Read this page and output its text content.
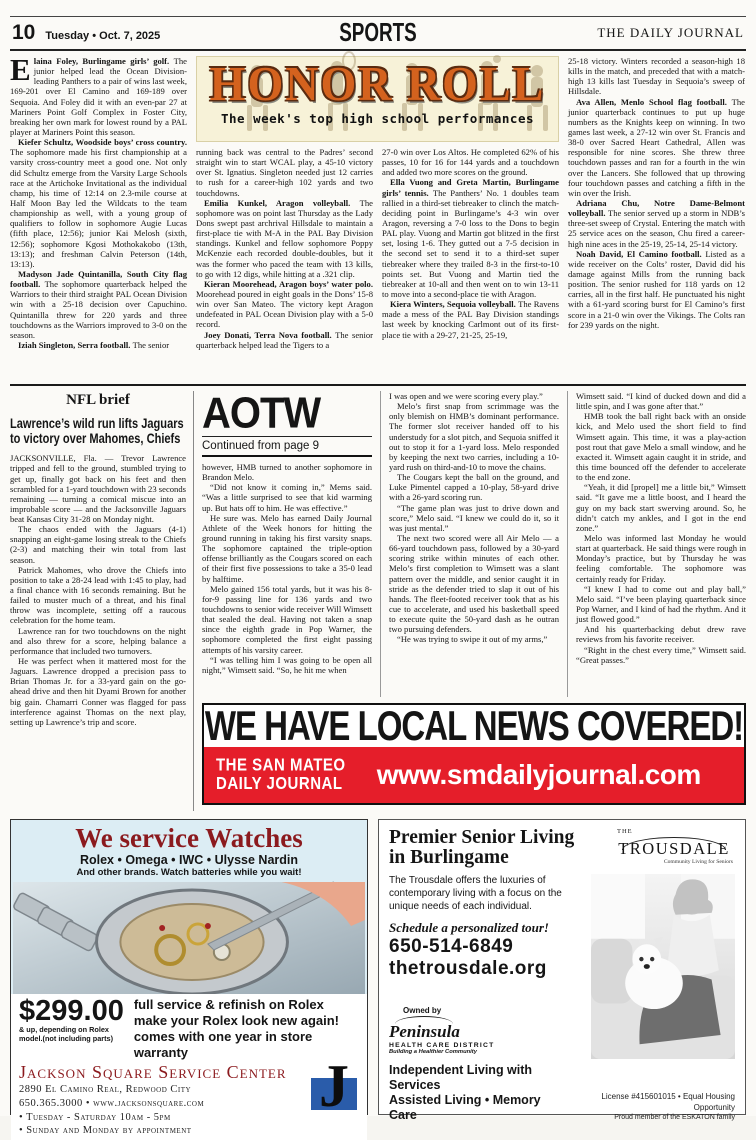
10 Tuesday • Oct. 7, 2025	SPORTS	THE DAILY JOURNAL

Elaina Foley, Burlingame girls’ golf. The junior helped lead the Ocean Division-leading Panthers to a pair of wins last week, 169-201 over El Camino and 169-189 over Sequoia. And Foley did it with an even-par 27 at Mariners Point Golf Complex in Foster City, breaking her own mark for lowest round by a PAL player at Mariners Point this season.

Kiefer Schultz, Woodside boys’ cross country.The sophomore made his first championship at a varsity cross-country meet a good one. Not only did Schultz emerge from the Varsity Large Schools race at the Artichoke Invitational as the individual champ, his time of 12:14 on 2.3-mile course at Half Moon Bay led the Wildcats to the team championship as well, with a young group of qualifiers to follow in sophomore Augie Lucas (fifth place, 12:56); junior Kai Melosh (sixth, 12:56); sophomore Kgosi Mothokakobo (13th, 13:13); and freshman Calvin Peterson (14th, 13:13).

Madyson Jade Quintanilla, South City flag football. The sophomore quarterback helped the Warriors to their third straight PAL Ocean Division win with a 25-18 decision over Capuchino. Quintanilla threw for 220 yards and three touchdowns as the Warriors improved to 3-0 on the season.

Iziah Singleton, Serra football. The senior

HONOR ROLL
The week's top high school performances

running back was central to the Padres’ second straight win to start WCAL play, a 45-10 victory over St. Ignatius. Singleton needed just 12 carries to rush for a career-high 102 yards and two touchdowns.

Emilia Kunkel, Aragon volleyball. The sophomore was on point last Thursday as the Lady Dons swept past archrival Hillsdale to maintain a first-place tie with M-A in the PAL Bay Division standings. Kunkel and fellow sophomore Poppy McKenzie each recorded double-doubles, but it was the former who paced the team with 13 kills, to go with 12 digs, while hitting at a .321 clip.

Kieran Moorehead, Aragon boys’ water polo.Moorehead poured in eight goals in the Dons’ 15-8 win over San Mateo. The victory kept Aragon undefeated in PAL Ocean Division play with a 5-0 record.

Joey Donati, Terra Nova football. The senior quarterback helped lead the Tigers to a

27-0 win over Los Altos. He completed 62% of his passes, 10 for 16 for 144 yards and a touchdown and added two more scores on the ground.

Ella Vuong and Greta Martin, Burlingame girls’ tennis. The Panthers’ No. 1 doubles team rallied in a third-set tiebreaker to clinch the match-deciding point in Burlingame’s 4-3 win over Aragon, reversing a 7-0 loss to the Dons to begin PAL play. Vuong and Martin got blitzed in the first set, losing 1-6. They gutted out a 7-5 decision in the second set to send it to a third-set super tiebreaker where they trailed 8-3 in the first-to-10 points set. But Vuong and Martin tied the tiebreaker at 10-all and then went on to win 13-11 to move into a second-place tie with Aragon.

Kiera Winters, Sequoia volleyball. The Ravens made a mess of the PAL Bay Division standings last week by knocking Carlmont out of its first-place tie with a 29-27, 21-25, 25-19,

25-18 victory. Winters recorded a season-high 18 kills in the match, and preceded that with a match-high 13 kills last Tuesday in Sequoia’s sweep of Hillsdale.

Ava Allen, Menlo School flag football. The junior quarterback continues to put up huge numbers as the Knights keep on winning. In two games last week, a 27-12 win over St. Francis and 38-0 over Sacred Heart Cathedral, Allen was responsible for nine scores. She threw three touchdown passes and ran for a fourth in the win over the Lancers. She followed that up throwing four touchdown passes and catching a fifth in the win over the Irish.

Adriana Chu, Notre Dame-Belmont volleyball. The senior served up a storm in NDB’s three-set sweep of Crystal. Entering the match with 25 service aces on the season, Chu fired a career-high nine aces in the 25-19, 25-14, 25-14 victory.

Noah David, El Camino football. Listed as a wide receiver on the Colts’ roster, David did his damage against Mills from the running back position. The senior rushed for 118 yards on 12 carries, all in the first half. He punctuated his night with a 61-yard scoring burst for El Camino’s first score in a 21-0 win over the Vikings. The Colts ran for 239 yards on the night.

NFL brief
Lawrence’s wild run lifts Jaguars to victory over Mahomes, Chiefs

JACKSONVILLE, Fla. — Trevor Lawrence tripped and fell to the ground, stumbled trying to get up, finally got back on his feet and then scrambled for a 1-yard touchdown with 23 seconds remaining — turning a comical miscue into an improbable score — and the Jacksonville Jaguars beat Kansas City 31-28 on Monday night.

The chaos ended with the Jaguars (4-1) snapping an eight-game losing streak to the Chiefs (2-3) and matching their win total from last season.

Patrick Mahomes, who drove the Chiefs into position to take a 28-24 lead with 1:45 to play, had a final chance with 16 seconds remaining. But he failed to muster much of a threat, and his final throw was incomplete, setting off a raucous celebration for the home team.

Lawrence ran for two touchdowns on the night and also threw for a score, helping balance a performance that included two turnovers.

He was perfect when it mattered most for the Jaguars. Lawrence dropped a precision pass to Brian Thomas Jr. for a 33-yard gain on the go-ahead drive and then hit Dyami Brown for another big gain. Chamarri Conner was flagged for pass interference against Thomas on the next play, setting up Lawrence’s trip and score.

AOTW
Continued from page 9

however, HMB turned to another sophomore in Brandon Melo.

“Did not know it coming in,” Mems said. “Was a little surprised to see that kid warming up. But hats off to him. He was effective.”

He sure was. Melo has earned Daily Journal Athlete of the Week honors for hitting the ground running in taking his first varsity snaps. The sophomore captained the triple-option offense brilliantly as the Cougars scored on each of their first five possessions to take a 35-0 lead by halftime.

Melo gained 156 total yards, but it was his 8-for-9 passing line for 136 yards and two touchdowns to senior wide receiver Will Wimsett that sealed the deal. Having not taken a snap since the eighth grade in Pop Warner, the sophomore completed the first eight passing attempts of his varsity career.

“I was telling him I was going to be open all night,” Wimsett said. “So, he hit me when

I was open and we were scoring every play.”

Melo’s first snap from scrimmage was the only blemish on HMB’s dominant performance. The former slot receiver handed off to his understudy for a slot pitch, and Sequoia sniffed it out to stop it for a 1-yard loss. Melo responded by keeping the next two carries, including a 10-yard rush on third-and-10 to move the chains.

The Cougars kept the ball on the ground, and Luke Pimentel capped a 10-play, 58-yard drive with a 26-yard scoring run.

“The game plan was just to drive down and score,” Melo said. “I knew we could do it, so it was just mental.”

The next two scored were all Air Melo — a 66-yard touchdown pass, followed by a 30-yard scoring strike within minutes of each other. Melo’s first completion to Wimsett was a slant pattern over the middle, and senior caught it in stride as the defender tried to slap it out of his hands. The fleet-footed receiver took that as his cue to accelerate, and used his basketball speed to execute quite the 50-yard dash as he outran two pursuing defenders.

“He was trying to swipe it out of my arms,”

Wimsett said. “I kind of ducked down and did a little spin, and I was gone after that.”

HMB took the ball right back with an onside kick, and Melo used the short field to find Wimsett again. This time, it was a play-action post rout that gave Melo a small window, and he exacted it. Wimsett again caught it in stride, and this time bounced off the defender to accelerate to the end zone.

“Yeah, it did [propel] me a little bit,” Wimsett said. “It gave me a little boost, and I heard the guy on my back start swerving around. So, he didn’t catch my ankles, and I got in the end zone.”

Melo was informed last Monday he would start at quarterback. He said things were rough in Monday’s practice, but by Thursday he was feeling comfortable. The sophomore was certainly ready for Friday.

“I knew I had to come out and play ball,” Melo said. “I’ve been playing quarterback since Pop Warner, and I kind of had the rhythm. And it just flowed good.”

And his quarterbacking debut drew rave reviews from his favorite receiver.

“Right in the chest every time,” Wimsett said. “Great passes.”

WE HAVE LOCAL NEWS COVERED!
THE SAN MATEO
DAILY JOURNAL	www.smdailyjournal.com
We service Watches
Rolex • Omega • IWC • Ulysse Nardin
And other brands. Watch batteries while you wait!
$299.00
& up, depending on Rolex
model.(not including parts)
full service & refinish on Rolex
make your Rolex look new again!
comes with one year in store warranty
Jackson Square Service Center
2890 El Camino Real, Redwood City
650.365.3000 • www.jacksonsquare.com
• Tuesday - Saturday 10am - 5pm
• Sunday and Monday by appointment
J
Premier Senior Living
in Burlingame
THE
TROUSDALE
Community Living for Seniors
The Trousdale offers the luxuries of contemporary living with a focus on the unique needs of each individual.
Schedule a personalized tour!
650-514-6849
thetrousdale.org
Owned by
Peninsula
HEALTH CARE DISTRICT
Building a Healthier Community
Independent Living with Services
Assisted Living • Memory Care
License #415601015 • Equal Housing Opportunity
Proud member of the ESKATON family
